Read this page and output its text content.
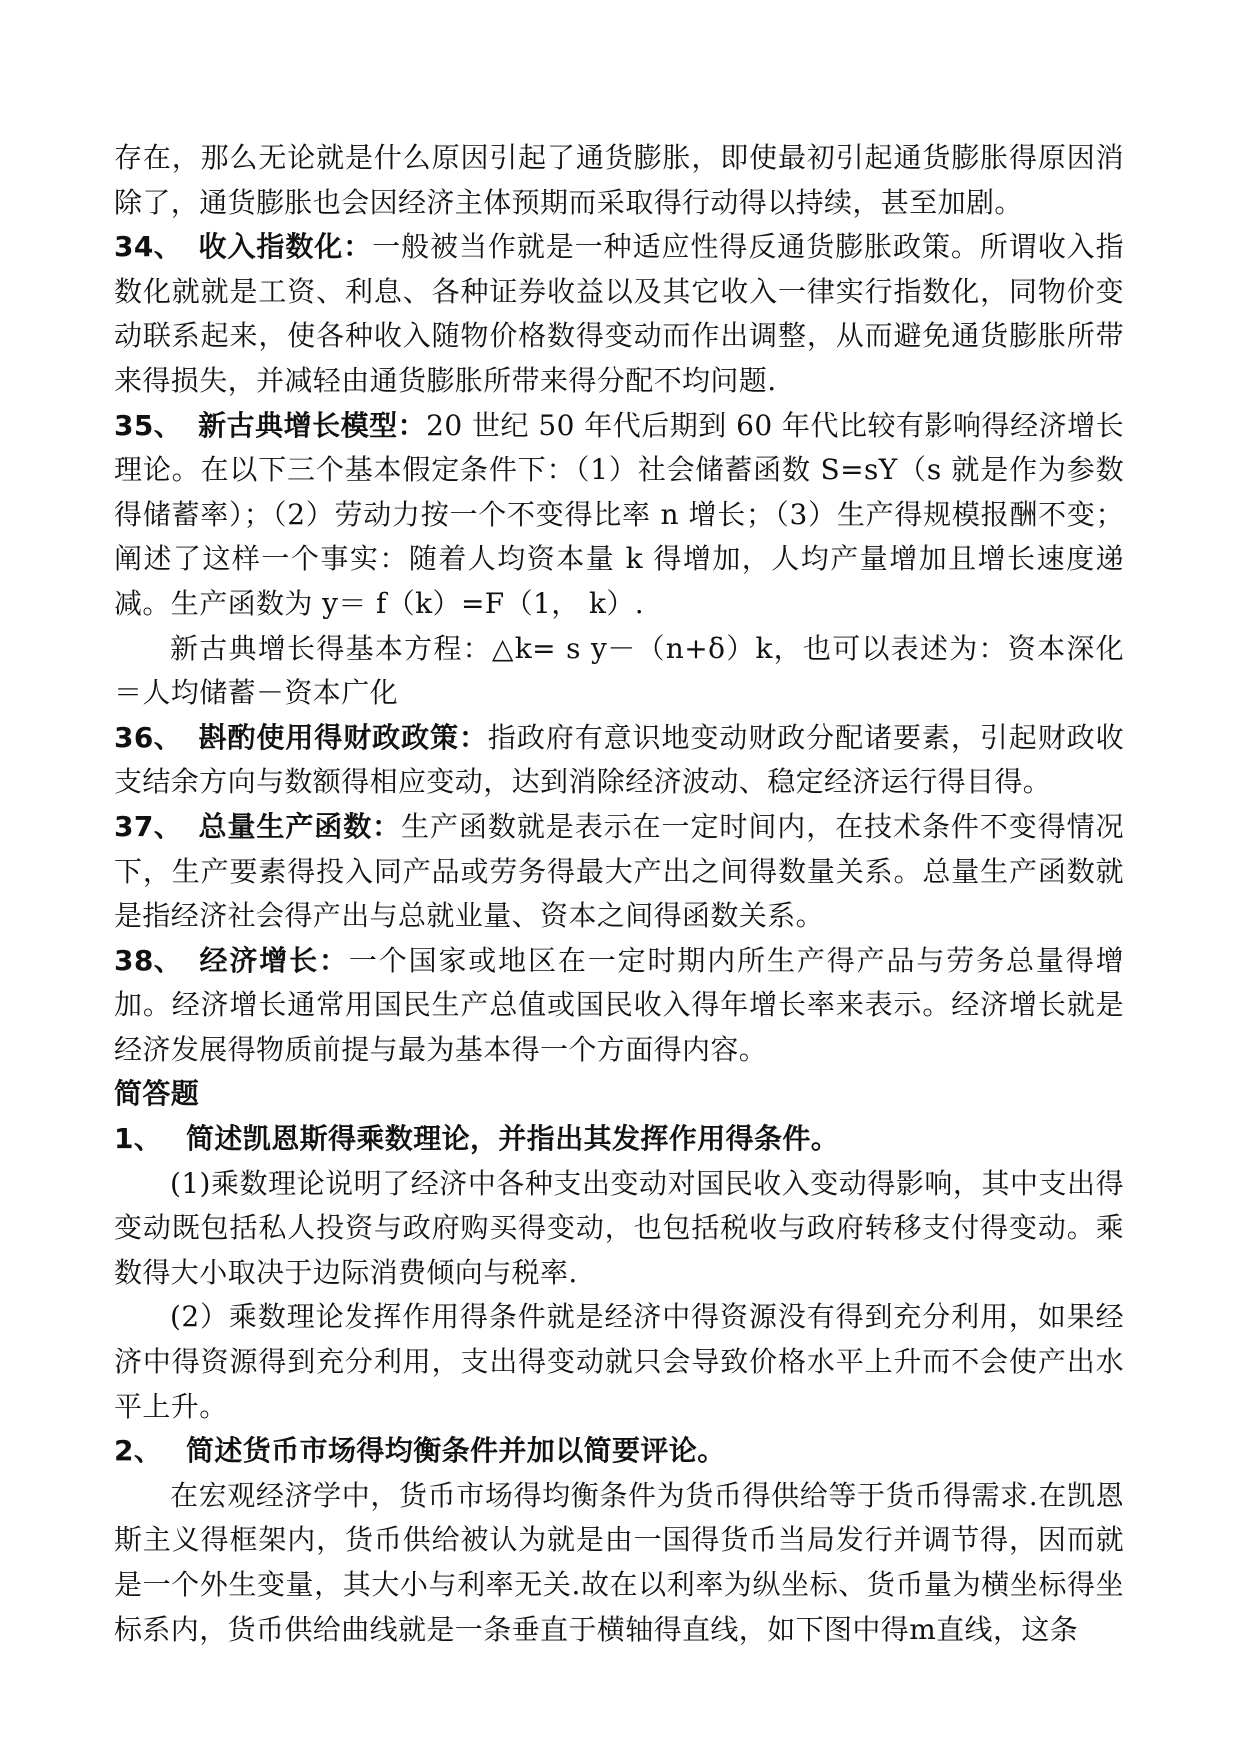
存在，那么无论就是什么原因引起了通货膨胀，即使最初引起通货膨胀得原因消除了，通货膨胀也会因经济主体预期而采取得行动得以持续，甚至加剧。

34、 收入指数化：一般被当作就是一种适应性得反通货膨胀政策。所谓收入指数化就就是工资、利息、各种证券收益以及其它收入一律实行指数化，同物价变动联系起来，使各种收入随物价格数得变动而作出调整，从而避免通货膨胀所带来得损失，并减轻由通货膨胀所带来得分配不均问题.

35、 新古典增长模型：20 世纪 50 年代后期到 60 年代比较有影响得经济增长理论。在以下三个基本假定条件下：（1）社会储蓄函数 S=sY（s 就是作为参数得储蓄率）；（2）劳动力按一个不变得比率 n 增长；（3）生产得规模报酬不变；阐述了这样一个事实：随着人均资本量 k 得增加，人均产量增加且增长速度递减。生产函数为 y＝ f（k）=F（1， k）.

新古典增长得基本方程：△k= s y－（n+δ）k，也可以表述为：资本深化＝人均储蓄－资本广化

36、 斟酌使用得财政政策：指政府有意识地变动财政分配诸要素，引起财政收支结余方向与数额得相应变动，达到消除经济波动、稳定经济运行得目得。

37、 总量生产函数：生产函数就是表示在一定时间内，在技术条件不变得情况下，生产要素得投入同产品或劳务得最大产出之间得数量关系。总量生产函数就是指经济社会得产出与总就业量、资本之间得函数关系。

38、 经济增长：一个国家或地区在一定时期内所生产得产品与劳务总量得增加。经济增长通常用国民生产总值或国民收入得年增长率来表示。经济增长就是经济发展得物质前提与最为基本得一个方面得内容。

简答题

1、 简述凯恩斯得乘数理论，并指出其发挥作用得条件。

(1)乘数理论说明了经济中各种支出变动对国民收入变动得影响，其中支出得变动既包括私人投资与政府购买得变动，也包括税收与政府转移支付得变动。乘数得大小取决于边际消费倾向与税率.

(2）乘数理论发挥作用得条件就是经济中得资源没有得到充分利用，如果经济中得资源得到充分利用，支出得变动就只会导致价格水平上升而不会使产出水平上升。

2、 简述货币市场得均衡条件并加以简要评论。

在宏观经济学中，货币市场得均衡条件为货币得供给等于货币得需求.在凯恩斯主义得框架内，货币供给被认为就是由一国得货币当局发行并调节得，因而就是一个外生变量，其大小与利率无关.故在以利率为纵坐标、货币量为横坐标得坐标系内，货币供给曲线就是一条垂直于横轴得直线，如下图中得m直线，这条
